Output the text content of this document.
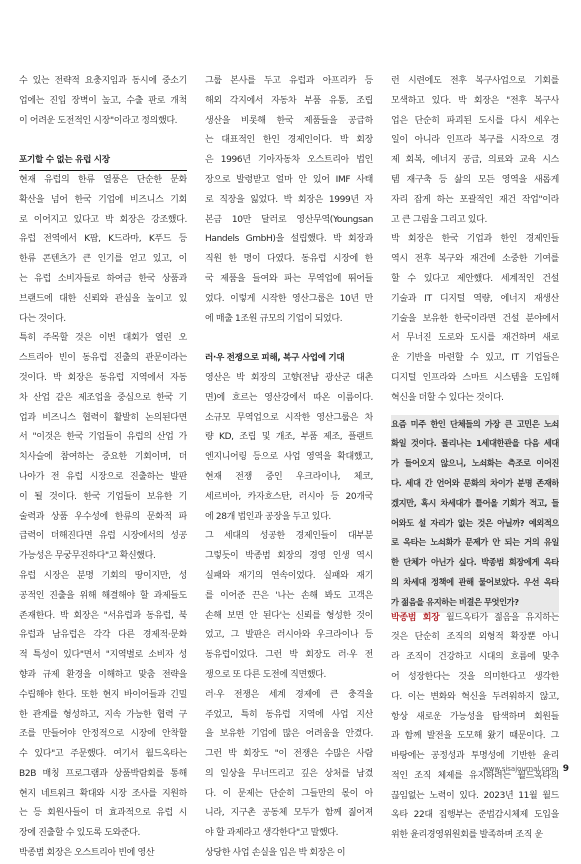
수 있는 전략적 요충지임과 동시에 중소기
업에는 진입 장벽이 높고, 수출 판로 개척
이 어려운 도전적인 시장"이라고 정의했다.
포기할 수 없는 유럽 시장
현재 유럽의 한류 열풍은 단순한 문화
확산을 넘어 한국 기업에 비즈니스 기회
로 이어지고 있다고 박 회장은 강조했다.
유럽 전역에서 K팝, K드라마, K푸드 등
한류 콘텐츠가 큰 인기를 얻고 있고, 이
는 유럽 소비자들로 하여금 한국 상품과
브랜드에 대한 신뢰와 관심을 높이고 있
다는 것이다.
특히 주목할 것은 이번 대회가 열린 오
스트리아 빈이 동유럽 진출의 관문이라는
것이다. 박 회장은 동유럽 지역에서 자동
차 산업 같은 제조업을 중심으로 한국 기
업과 비즈니스 협력이 활발히 논의된다면
서 "이것은 한국 기업들이 유럽의 산업 가
치사슬에 참여하는 중요한 기회이며, 더
나아가 전 유럽 시장으로 진출하는 발판
이 될 것이다. 한국 기업들이 보유한 기
술력과 상품 우수성에 한류의 문화적 파
급력이 더해진다면 유럽 시장에서의 성공
가능성은 무궁무진하다"고 확신했다.
유럽 시장은 분명 기회의 땅이지만, 성
공적인 진출을 위해 해결해야 할 과제들도
존재한다. 박 회장은 "서유럽과 동유럽, 북
유럽과 남유럽은 각각 다른 경제적·문화
적 특성이 있다"면서 "지역별로 소비자 성
향과 규제 환경을 이해하고 맞춤 전략을
수립해야 한다. 또한 현지 바이어들과 긴밀
한 관계를 형성하고, 지속 가능한 협력 구
조를 만들어야 안정적으로 시장에 안착할
수 있다"고 주문했다. 여기서 월드옥타는
B2B 매칭 프로그램과 상품박람회를 통해
현지 네트워크 확대와 시장 조사를 지원하
는 등 회원사들이 더 효과적으로 유럽 시
장에 진출할 수 있도록 도와준다.
박종범 회장은 오스트리아 빈에 영산
그룹 본사를 두고 유럽과 아프리카 등
해외 각지에서 자동차 부품 유통, 조립
생산을 비롯해 한국 제품들을 공급하
는 대표적인 한인 경제인이다. 박 회장
은 1996년 기아자동차 오스트리아 법인
장으로 발령받고 얼마 안 있어 IMF 사태
로 직장을 잃었다. 박 회장은 1999년 자
본금 10만 달러로 영산무역(Youngsan
Handels GmbH)을 설립했다. 박 회장과
직원 한 명이 다였다. 동유럽 시장에 한
국 제품을 들여와 파는 무역업에 뛰어들
었다. 이렇게 시작한 영산그룹은 10년 만
에 매출 1조원 규모의 기업이 되었다.
러·우 전쟁으로 피해, 복구 사업에 기대
영산은 박 회장의 고향(전남 광산군 대촌
면)에 흐르는 영산강에서 따온 이름이다.
소규모 무역업으로 시작한 영산그룹은 차
량 KD, 조립 및 개조, 부품 제조, 플랜트
엔지니어링 등으로 사업 영역을 확대했고,
현재 전쟁 중인 우크라이나, 체코,
세르비아, 카자흐스탄, 러시아 등 20개국
에 28개 법인과 공장을 두고 있다.
그 세대의 성공한 경제인들이 대부분
그렇듯이 박종범 회장의 경영 인생 역시
실패와 재기의 연속이었다. 실패와 재기
를 이어준 끈은 '나는 손해 봐도 고객은
손해 보면 안 된다'는 신뢰를 형성한 것이
었고, 그 발판은 러시아와 우크라이나 등
동유럽이었다. 그런 박 회장도 러·우 전
쟁으로 또 다른 도전에 직면했다.
러·우 전쟁은 세계 경제에 큰 충격을
주었고, 특히 동유럽 지역에 사업 지산
을 보유한 기업에 많은 어려움을 안겼다.
그런 박 회장도 "이 전쟁은 수많은 사람
의 일상을 무너뜨리고 깊은 상처를 남겼
다. 이 문제는 단순히 그들만의 몫이 아
니라, 지구촌 공동체 모두가 함께 짊어져
야 할 과제라고 생각한다"고 말했다.
상당한 사업 손실을 입은 박 회장은 이
런 시련에도 전후 복구사업으로 기회를
모색하고 있다. 박 회장은 "전후 복구사
업은 단순히 파괴된 도시를 다시 세우는
일이 아니라 인프라 복구를 시작으로 경
제 회복, 에너지 공급, 의료와 교육 시스
템 재구축 등 삶의 모든 영역을 새롭게
자리 잡게 하는 포괄적인 재건 작업"이라
고 큰 그림을 그리고 있다.
박 회장은 한국 기업과 한인 경제인들
역시 전후 복구와 재건에 소중한 기여를
할 수 있다고 제안했다. 세계적인 건설
기술과 IT 디지털 역량, 에너지 재생산
기술을 보유한 한국이라면 건설 분야에서
서 무너진 도로와 도시를 재건하며 새로
운 기반을 마련할 수 있고, IT 기업들은
디지털 인프라와 스마트 시스템을 도입해
혁신을 더할 수 있다는 것이다.
요즘 미주 한인 단체들의 가장 큰 고민은 노쇠
화일 것이다. 몰리나는 1세대한관을 다음 세대
가 들어오지 않으니, 노쇠화는 측조로 이어진
다. 세대 간 언어와 문화의 차이가 분명 존재하
겠지만, 혹시 차세대가 틀어올 기회가 적고, 들
어와도 설 자리가 없는 것은 아닐까? 예외적으
로 옥타는 노쇠화가 문제가 안 되는 거의 유일
한 단체가 아닌가 싶다. 박종범 회장에게 옥타
의 차세대 정책에 관해 물어보았다. 우선 옥타
가 젊음을 유지하는 비결은 무엇인가?
박종범 회장 월드옥타가 젊음을 유지하는
것은 단순히 조직의 외형적 확장뿐 아니
라 조직이 건강하고 시대의 흐름에 맞추
어 성장한다는 것을 의미한다고 생각한
다. 이는 변화와 혁신을 두려워하지 않고,
항상 새로운 가능성을 탐색하며 회원들
과 함께 발전을 도모해 왔기 때문이다. 그
바탕에는 공정성과 투명성에 기반한 윤리
적인 조직 체제를 유지하려는 월드옥타의
끊임없는 노력이 있다. 2023년 11월 월드
옥타 22대 집행부는 준법감시체제 도입을
위한 윤리경영위원회를 발족하며 조직 운
www.sisajournal.com 9
